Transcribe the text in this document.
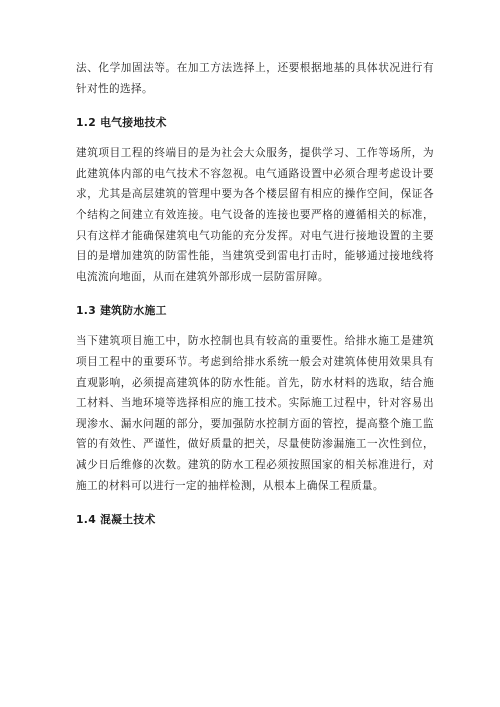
法、化学加固法等。在加工方法选择上，还要根据地基的具体状况进行有针对性的选择。

1.2 电气接地技术

建筑项目工程的终端目的是为社会大众服务，提供学习、工作等场所，为此建筑体内部的电气技术不容忽视。电气通路设置中必须合理考虑设计要求，尤其是高层建筑的管理中要为各个楼层留有相应的操作空间，保证各个结构之间建立有效连接。电气设备的连接也要严格的遵循相关的标准，只有这样才能确保建筑电气功能的充分发挥。对电气进行接地设置的主要目的是增加建筑的防雷性能，当建筑受到雷电打击时，能够通过接地线将电流流向地面，从而在建筑外部形成一层防雷屏障。

1.3 建筑防水施工

当下建筑项目施工中，防水控制也具有较高的重要性。给排水施工是建筑项目工程中的重要环节。考虑到给排水系统一般会对建筑体使用效果具有直观影响，必须提高建筑体的防水性能。首先，防水材料的选取，结合施工材料、当地环境等选择相应的施工技术。实际施工过程中，针对容易出现渗水、漏水问题的部分，要加强防水控制方面的管控，提高整个施工监管的有效性、严谨性，做好质量的把关，尽量使防渗漏施工一次性到位，减少日后维修的次数。建筑的防水工程必须按照国家的相关标准进行，对施工的材料可以进行一定的抽样检测，从根本上确保工程质量。

1.4 混凝土技术
